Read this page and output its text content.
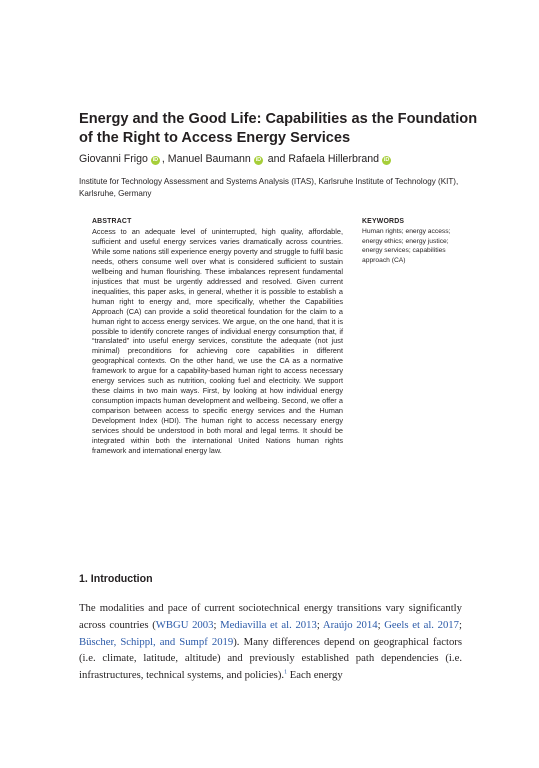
Energy and the Good Life: Capabilities as the Foundation of the Right to Access Energy Services
Giovanni Frigo iD , Manuel Baumann iD and Rafaela Hillerbrand iD
Institute for Technology Assessment and Systems Analysis (ITAS), Karlsruhe Institute of Technology (KIT), Karlsruhe, Germany
ABSTRACT

Access to an adequate level of uninterrupted, high quality, affordable, sufficient and useful energy services varies dramatically across countries. While some nations still experience energy poverty and struggle to fulfil basic needs, others consume well over what is considered sufficient to sustain wellbeing and human flourishing. These imbalances represent fundamental injustices that must be urgently addressed and resolved. Given current inequalities, this paper asks, in general, whether it is possible to establish a human right to energy and, more specifically, whether the Capabilities Approach (CA) can provide a solid theoretical foundation for the claim to a human right to access energy services. We argue, on the one hand, that it is possible to identify concrete ranges of individual energy consumption that, if “translated” into useful energy services, constitute the adequate (not just minimal) preconditions for achieving core capabilities in different geographical contexts. On the other hand, we use the CA as a normative framework to argue for a capability-based human right to access necessary energy services such as nutrition, cooking fuel and electricity. We support these claims in two main ways. First, by looking at how individual energy consumption impacts human development and wellbeing. Second, we offer a comparison between access to specific energy services and the Human Development Index (HDI). The human right to access necessary energy services should be understood in both moral and legal terms. It should be integrated within both the international United Nations human rights framework and international energy law.

KEYWORDS

Human rights; energy access; energy ethics; energy justice; energy services; capabilities approach (CA)

1. Introduction

The modalities and pace of current sociotechnical energy transitions vary significantly across countries (WBGU 2003; Mediavilla et al. 2013; Araújo 2014; Geels et al. 2017; Büscher, Schippl, and Sumpf 2019). Many differences depend on geographical factors (i.e. climate, latitude, altitude) and previously established path dependencies (i.e. infrastructures, technical systems, and policies).$^1$ Each energy
